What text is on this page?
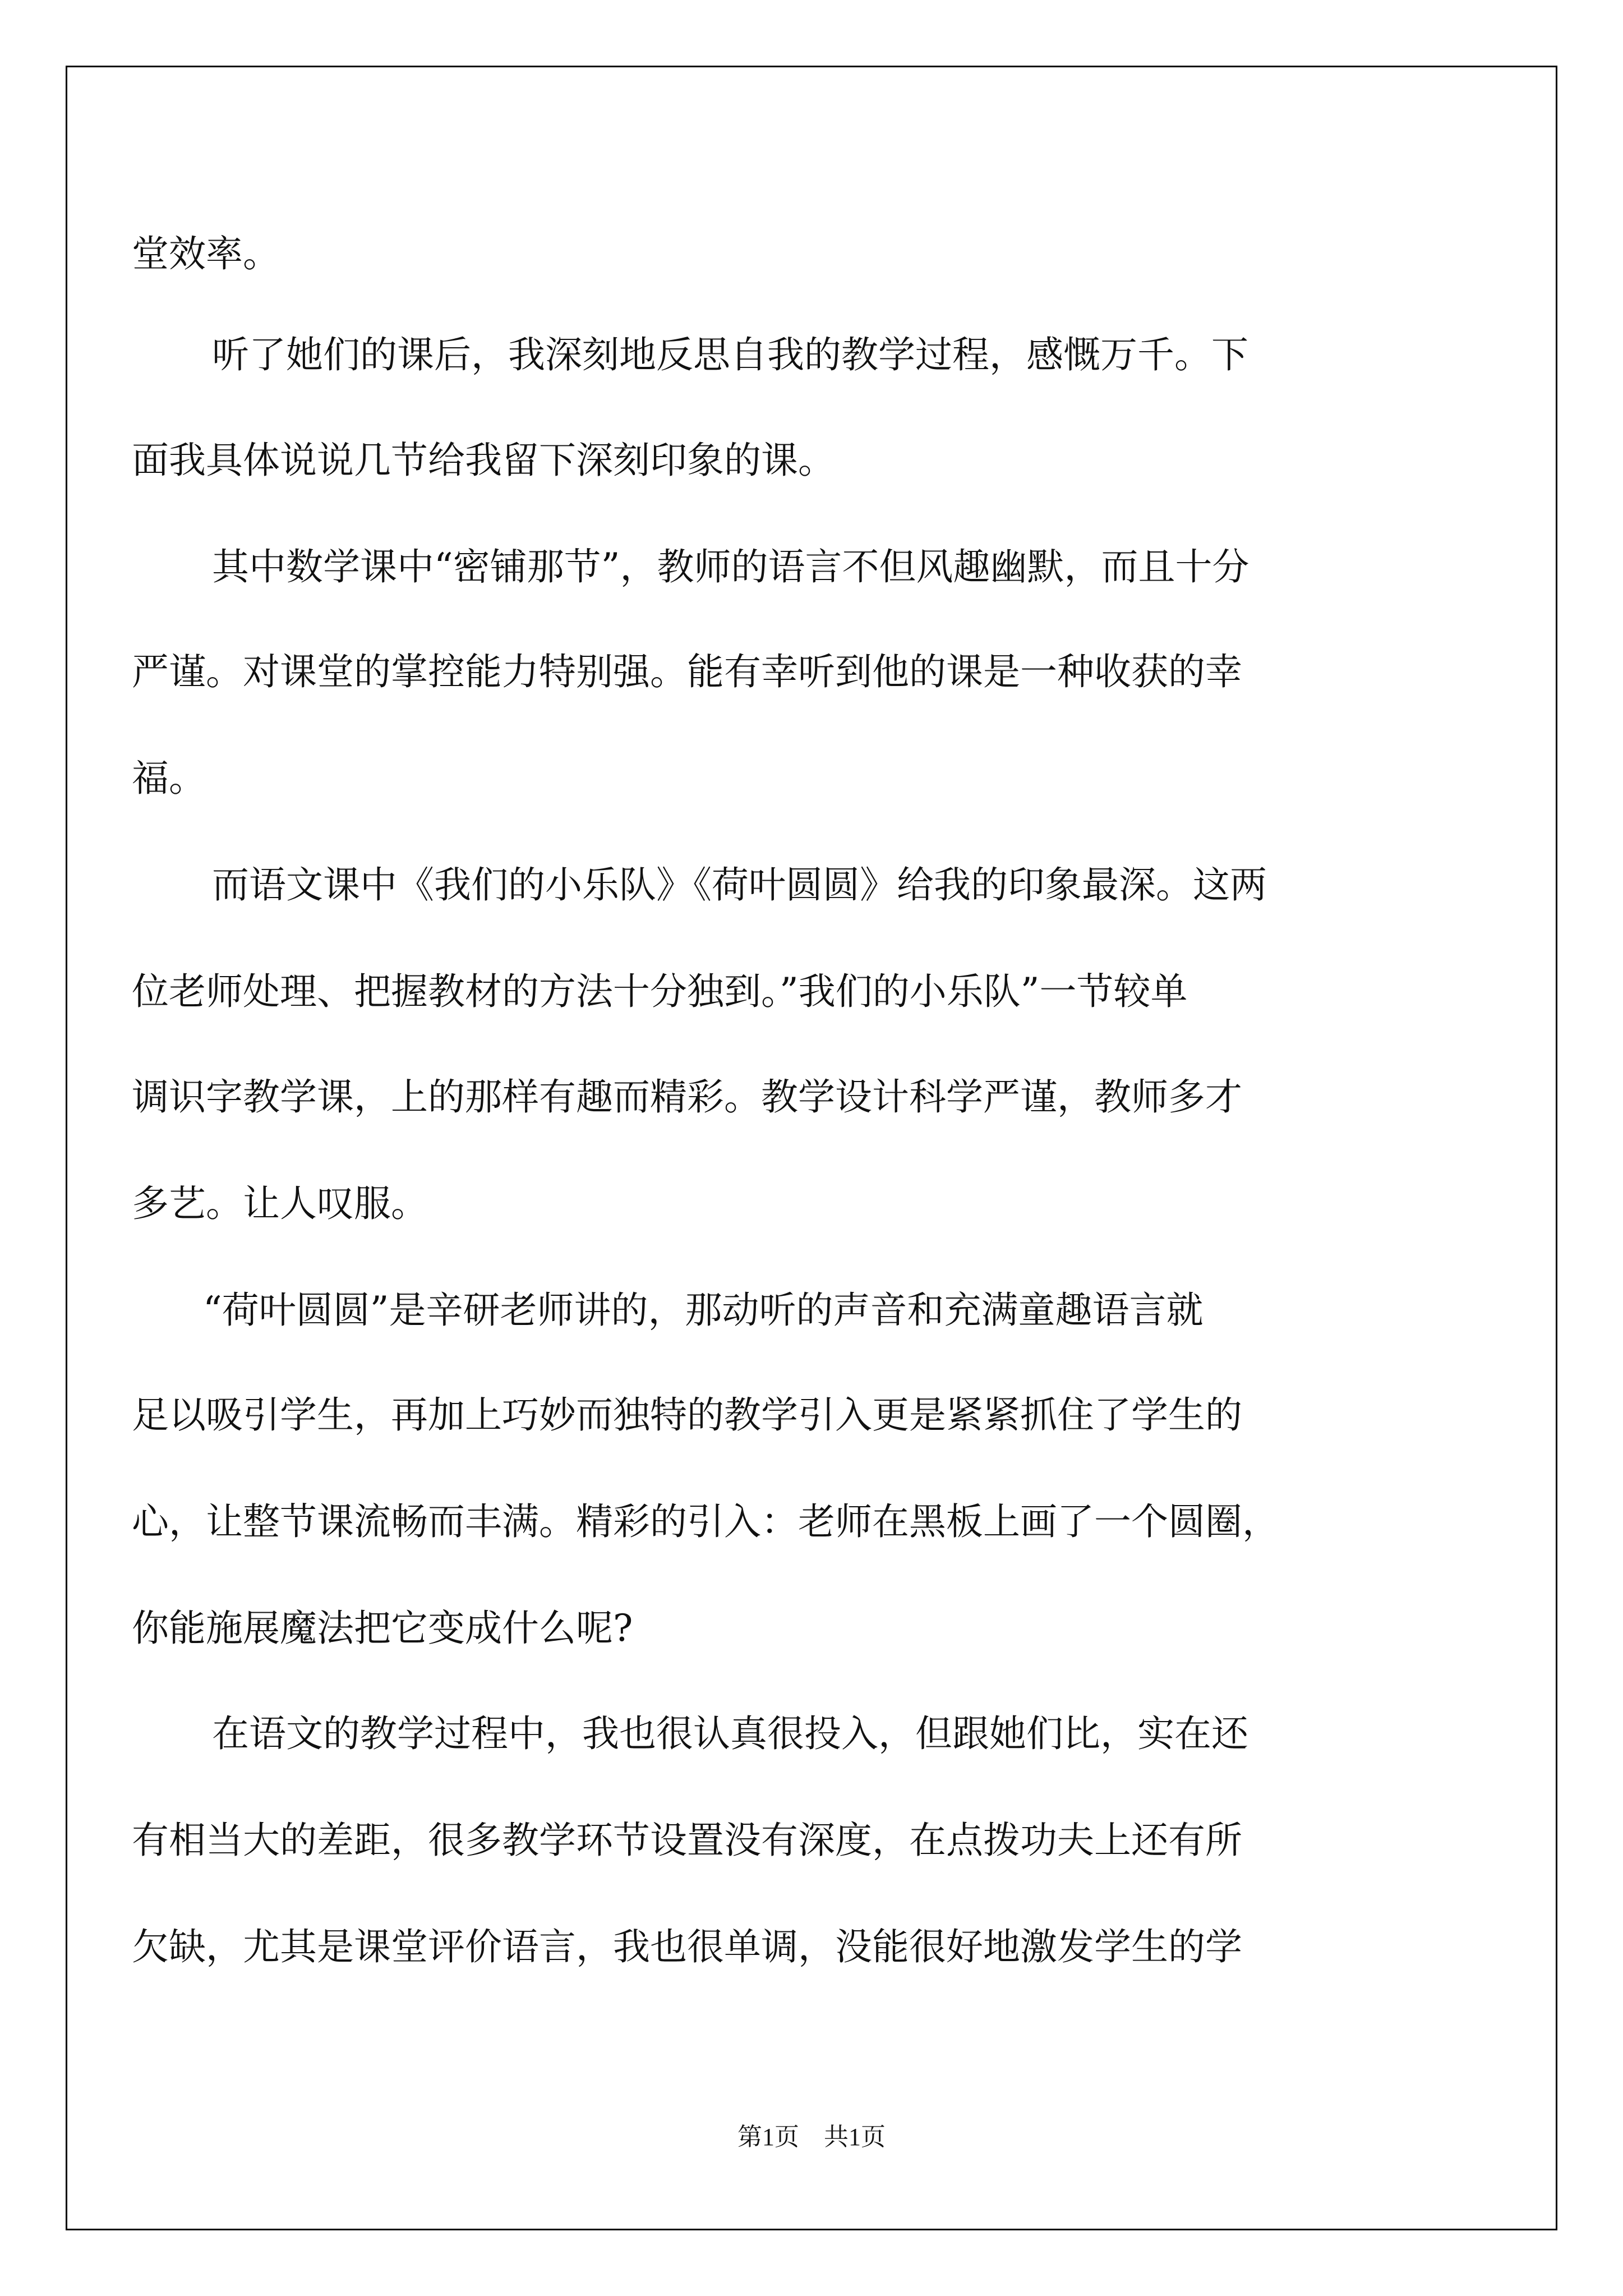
堂效率。
听了她们的课后，我深刻地反思自我的教学过程，感慨万千。下
面我具体说说几节给我留下深刻印象的课。
其中数学课中“密铺那节”，教师的语言不但风趣幽默，而且十分
严谨。对课堂的掌控能力特别强。能有幸听到他的课是一种收获的幸
福。
而语文课中《我们的小乐队》《荷叶圆圆》给我的印象最深。这两
位老师处理、把握教材的方法十分独到。”我们的小乐队”一节较单
调识字教学课，上的那样有趣而精彩。教学设计科学严谨，教师多才
多艺。让人叹服。
“荷叶圆圆”是辛研老师讲的，那动听的声音和充满童趣语言就
足以吸引学生，再加上巧妙而独特的教学引入更是紧紧抓住了学生的
心，让整节课流畅而丰满。精彩的引入：老师在黑板上画了一个圆圈，
你能施展魔法把它变成什么呢?
在语文的教学过程中，我也很认真很投入，但跟她们比，实在还
有相当大的差距，很多教学环节设置没有深度，在点拨功夫上还有所
欠缺，尤其是课堂评价语言，我也很单调，没能很好地激发学生的学
第1页　共1页
